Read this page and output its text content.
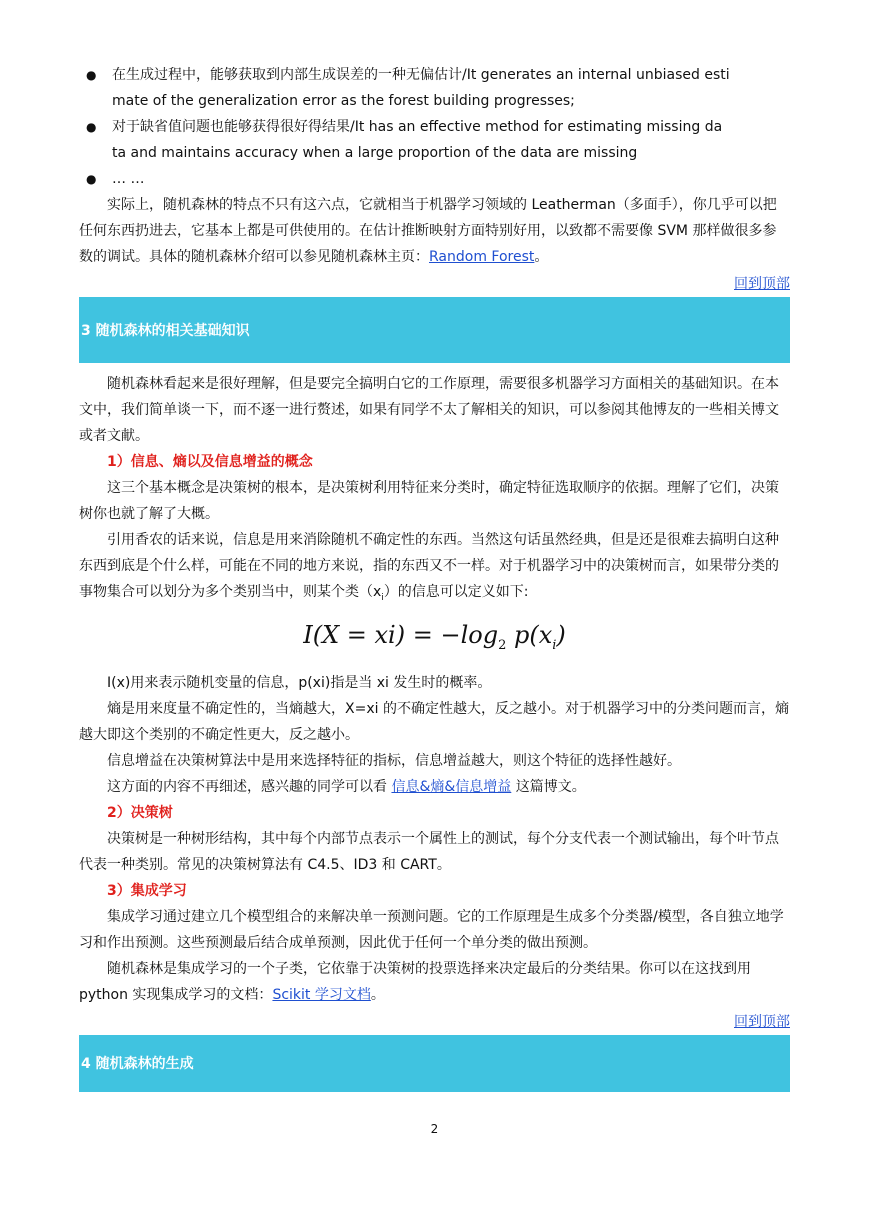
● 在生成过程中，能够获取到内部生成误差的一种无偏估计/It generates an internal unbiased esti
mate of the generalization error as the forest building progresses;
● 对于缺省值问题也能够获得很好得结果/It has an effective method for estimating missing da
ta and maintains accuracy when a large proportion of the data are missing
● … …

实际上，随机森林的特点不只有这六点，它就相当于机器学习领域的 Leatherman（多面手），你几乎可以把任何东西扔进去，它基本上都是可供使用的。在估计推断映射方面特别好用，以致都不需要像 SVM 那样做很多参数的调试。具体的随机森林介绍可以参见随机森林主页：Random Forest。

回到顶部
3 随机森林的相关基础知识

随机森林看起来是很好理解，但是要完全搞明白它的工作原理，需要很多机器学习方面相关的基础知识。在本文中，我们简单谈一下，而不逐一进行赘述，如果有同学不太了解相关的知识，可以参阅其他博友的一些相关博文或者文献。

1）信息、熵以及信息增益的概念

这三个基本概念是决策树的根本，是决策树利用特征来分类时，确定特征选取顺序的依据。理解了它们，决策树你也就了解了大概。

引用香农的话来说，信息是用来消除随机不确定性的东西。当然这句话虽然经典，但是还是很难去搞明白这种东西到底是个什么样，可能在不同的地方来说，指的东西又不一样。对于机器学习中的决策树而言，如果带分类的事物集合可以划分为多个类别当中，则某个类$(x_i)$的信息可以定义如下:

$I(X = xi) = -\log_2$ $p(x_i)$

I(x)用来表示随机变量的信息，p(xi)指是当 xi 发生时的概率。

熵是用来度量不确定性的，当熵越大，X=xi 的不确定性越大，反之越小。对于机器学习中的分类问题而言，熵越大即这个类别的不确定性更大，反之越小。

信息增益在决策树算法中是用来选择特征的指标，信息增益越大，则这个特征的选择性越好。

这方面的内容不再细述，感兴趣的同学可以看 信息&熵&信息增益 这篇博文。

2）决策树

决策树是一种树形结构，其中每个内部节点表示一个属性上的测试，每个分支代表一个测试输出，每个叶节点代表一种类别。常见的决策树算法有 C4.5、ID3 和 CART。

3）集成学习

集成学习通过建立几个模型组合的来解决单一预测问题。它的工作原理是生成多个分类器/模型，各自独立地学习和作出预测。这些预测最后结合成单预测，因此优于任何一个单分类的做出预测。

随机森林是集成学习的一个子类，它依靠于决策树的投票选择来决定最后的分类结果。你可以在这找到用 python 实现集成学习的文档：Scikit 学习文档。

回到顶部
4 随机森林的生成
2
